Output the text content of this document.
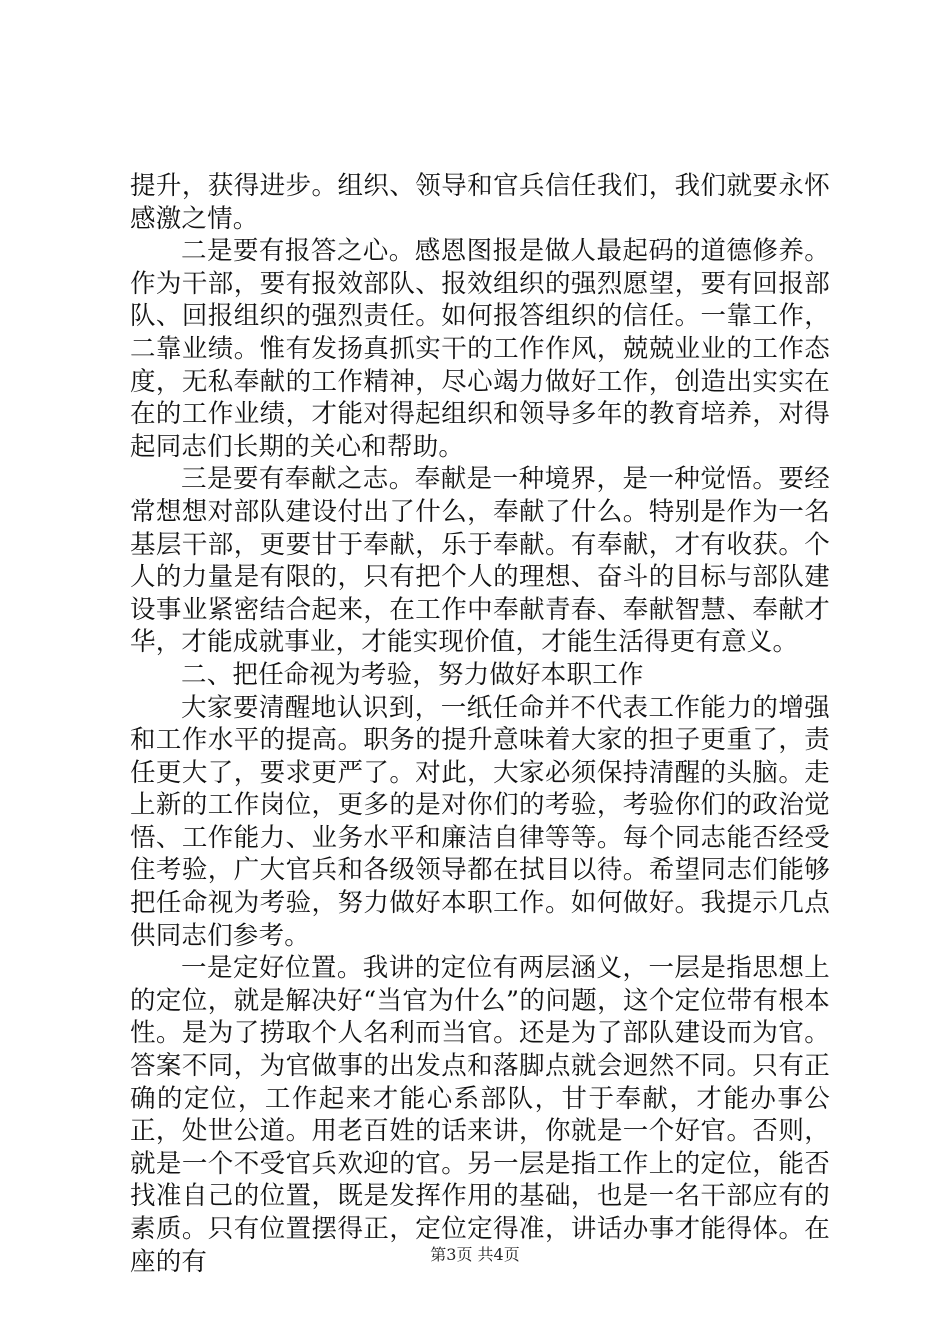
提升，获得进步。组织、领导和官兵信任我们，我们就要永怀感激之情。

二是要有报答之心。感恩图报是做人最起码的道德修养。作为干部，要有报效部队、报效组织的强烈愿望，要有回报部队、回报组织的强烈责任。如何报答组织的信任。一靠工作，二靠业绩。惟有发扬真抓实干的工作作风，兢兢业业的工作态度，无私奉献的工作精神，尽心竭力做好工作，创造出实实在在的工作业绩，才能对得起组织和领导多年的教育培养，对得起同志们长期的关心和帮助。

三是要有奉献之志。奉献是一种境界，是一种觉悟。要经常想想对部队建设付出了什么，奉献了什么。特别是作为一名基层干部，更要甘于奉献，乐于奉献。有奉献，才有收获。个人的力量是有限的，只有把个人的理想、奋斗的目标与部队建设事业紧密结合起来，在工作中奉献青春、奉献智慧、奉献才华，才能成就事业，才能实现价值，才能生活得更有意义。

二、把任命视为考验，努力做好本职工作

大家要清醒地认识到，一纸任命并不代表工作能力的增强和工作水平的提高。职务的提升意味着大家的担子更重了，责任更大了，要求更严了。对此，大家必须保持清醒的头脑。走上新的工作岗位，更多的是对你们的考验，考验你们的政治觉悟、工作能力、业务水平和廉洁自律等等。每个同志能否经受住考验，广大官兵和各级领导都在拭目以待。希望同志们能够把任命视为考验，努力做好本职工作。如何做好。我提示几点供同志们参考。

一是定好位置。我讲的定位有两层涵义，一层是指思想上的定位，就是解决好“当官为什么”的问题，这个定位带有根本性。是为了捞取个人名利而当官。还是为了部队建设而为官。答案不同，为官做事的出发点和落脚点就会迥然不同。只有正确的定位，工作起来才能心系部队，甘于奉献，才能办事公正，处世公道。用老百姓的话来讲，你就是一个好官。否则，就是一个不受官兵欢迎的官。另一层是指工作上的定位，能否找准自己的位置，既是发挥作用的基础，也是一名干部应有的素质。只有位置摆得正，定位定得准，讲话办事才能得体。在座的有	第3页 共4页
